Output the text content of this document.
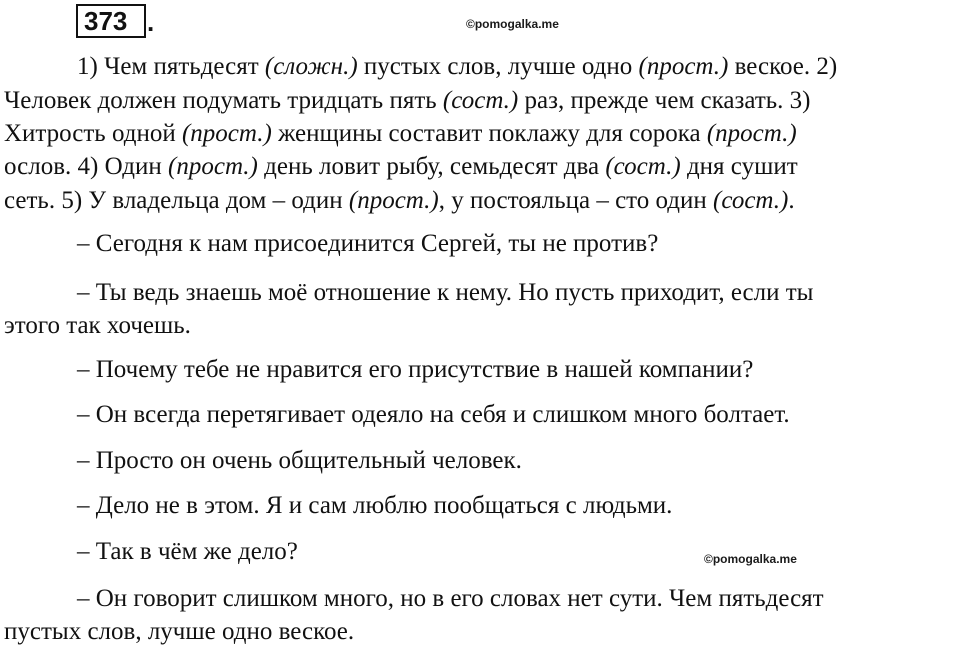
373 .	©pomogalka.me
©pomogalka.me
1) Чем пятьдесят (сложн.) пустых слов, лучше одно (прост.) веское. 2)
Человек должен подумать тридцать пять (сост.) раз, прежде чем сказать. 3)
Хитрость одной (прост.) женщины составит поклажу для сорока (прост.)
ослов. 4) Один (прост.) день ловит рыбу, семьдесят два (сост.) дня сушит
сеть. 5) У владельца дом – один (прост.), у постояльца – сто один (сост.).
– Сегодня к нам присоединится Сергей, ты не против?
– Ты ведь знаешь моё отношение к нему. Но пусть приходит, если ты
этого так хочешь.
– Почему тебе не нравится его присутствие в нашей компании?
– Он всегда перетягивает одеяло на себя и слишком много болтает.
– Просто он очень общительный человек.
– Дело не в этом. Я и сам люблю пообщаться с людьми.
– Так в чём же дело?
– Он говорит слишком много, но в его словах нет сути. Чем пятьдесят
пустых слов, лучше одно веское.
